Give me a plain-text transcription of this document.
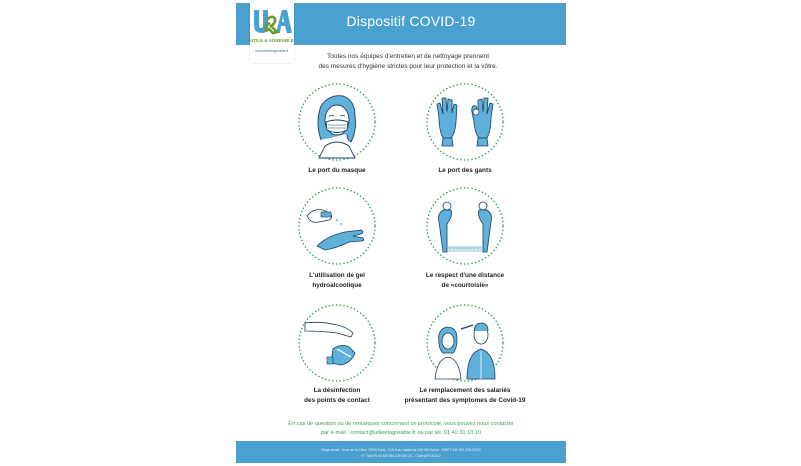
Dispositif COVID-19
UTILE & AGRÉABLE
www.utileetagreable.fr
Toutes nos équipes d'entretien et de nettoyage prennent
des mesures d'hygiène strictes pour leur protection et la vôtre.
Le port du masque	Le port des gants
L'utilisation de gel
hydroalcoolique
Le respect d'une distance
de «courtoisie»
La désinfection
des points de contact
Le remplacement des salariés
présentant des symptomes de Covid-19
En cas de question ou de remarques concernant ce protocole, vous pouvez nous contacter
par e-mail : contact@utileetagreable.fr ou par tél. 01 40 31 10 10
Siège social : 9 rue de la Chine 75020 Paris - S.A.S au capital de 100 000 Euros - SIRET 540 052 226 00023
N° TVA FR 64 540 052 226 000 23 – Code APE 8121Z
